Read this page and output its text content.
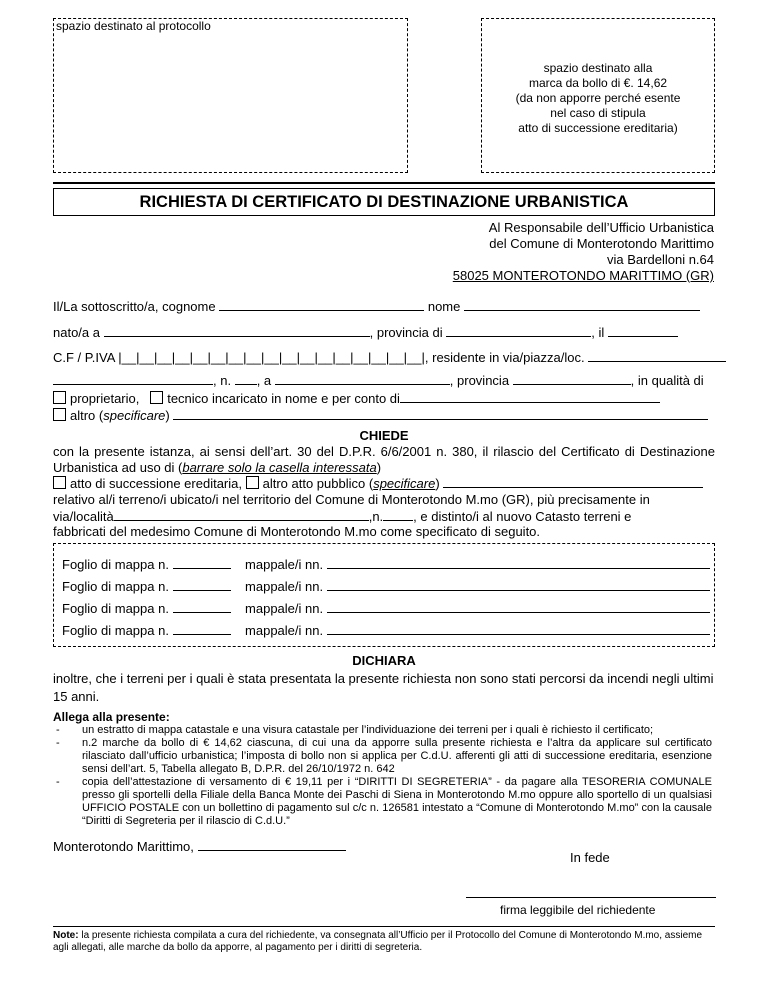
spazio destinato al protocollo
spazio destinato alla
marca da bollo di €. 14,62
(da non apporre perché esente
nel caso di stipula
atto di successione ereditaria)
RICHIESTA DI CERTIFICATO DI DESTINAZIONE URBANISTICA
Al Responsabile dell’Ufficio Urbanistica
del Comune di Monterotondo Marittimo
via Bardelloni n.64
58025 MONTEROTONDO MARITTIMO (GR)
Il/La sottoscritto/a, cognome	nome
nato/a a	, provincia di	, il
C.F / P.IVA |__|__|__|__|__|__|__|__|__|__|__|__|__|__|__|__|__|, residente in via/piazza/loc.
, n. , a	, provincia	, in qualità di
proprietario, tecnico incaricato in nome e per conto di
altro (specificare)
CHIEDE
con la presente istanza, ai sensi dell’art. 30 del D.P.R. 6/6/2001 n. 380, il rilascio del Certificato di Destinazione
Urbanistica ad uso di (barrare solo la casella interessata)
atto di successione ereditaria, altro atto pubblico (specificare)
relativo al/i terreno/i ubicato/i nel territorio del Comune di Monterotondo M.mo (GR), più precisamente in
via/località	,n. , e distinto/i al nuovo Catasto terreni e
fabbricati del medesimo Comune di Monterotondo M.mo come specificato di seguito.
Foglio di mappa n.	mappale/i nn.
Foglio di mappa n.	mappale/i nn.
Foglio di mappa n.	mappale/i nn.
Foglio di mappa n.	mappale/i nn.
DICHIARA
inoltre, che i terreni per i quali è stata presentata la presente richiesta non sono stati percorsi da incendi negli ultimi
15 anni.
Allega alla presente:
- un estratto di mappa catastale e una visura catastale per l’individuazione dei terreni per i quali è richiesto il certificato;
- n.2 marche da bollo di € 14,62 ciascuna, di cui una da apporre sulla presente richiesta e l’altra da applicare sul certificato rilasciato dall’ufficio urbanistica; l’imposta di bollo non si applica per C.d.U. afferenti gli atti di successione ereditaria, esenzione sensi dell’art. 5, Tabella allegato B, D.P.R. del 26/10/1972 n. 642
- copia dell’attestazione di versamento di € 19,11 per i “DIRITTI DI SEGRETERIA” - da pagare alla TESORERIA COMUNALE presso gli sportelli della Filiale della Banca Monte dei Paschi di Siena in Monterotondo M.mo oppure allo sportello di un qualsiasi UFFICIO POSTALE con un bollettino di pagamento sul c/c n. 126581 intestato a “Comune di Monterotondo M.mo” con la causale “Diritti di Segreteria per il rilascio di C.d.U.”
Monterotondo Marittimo,
In fede
firma leggibile del richiedente
Note: la presente richiesta compilata a cura del richiedente, va consegnata all’Ufficio per il Protocollo del Comune di Monterotondo M.mo, assieme agli allegati, alle marche da bollo da apporre, al pagamento per i diritti di segreteria.
